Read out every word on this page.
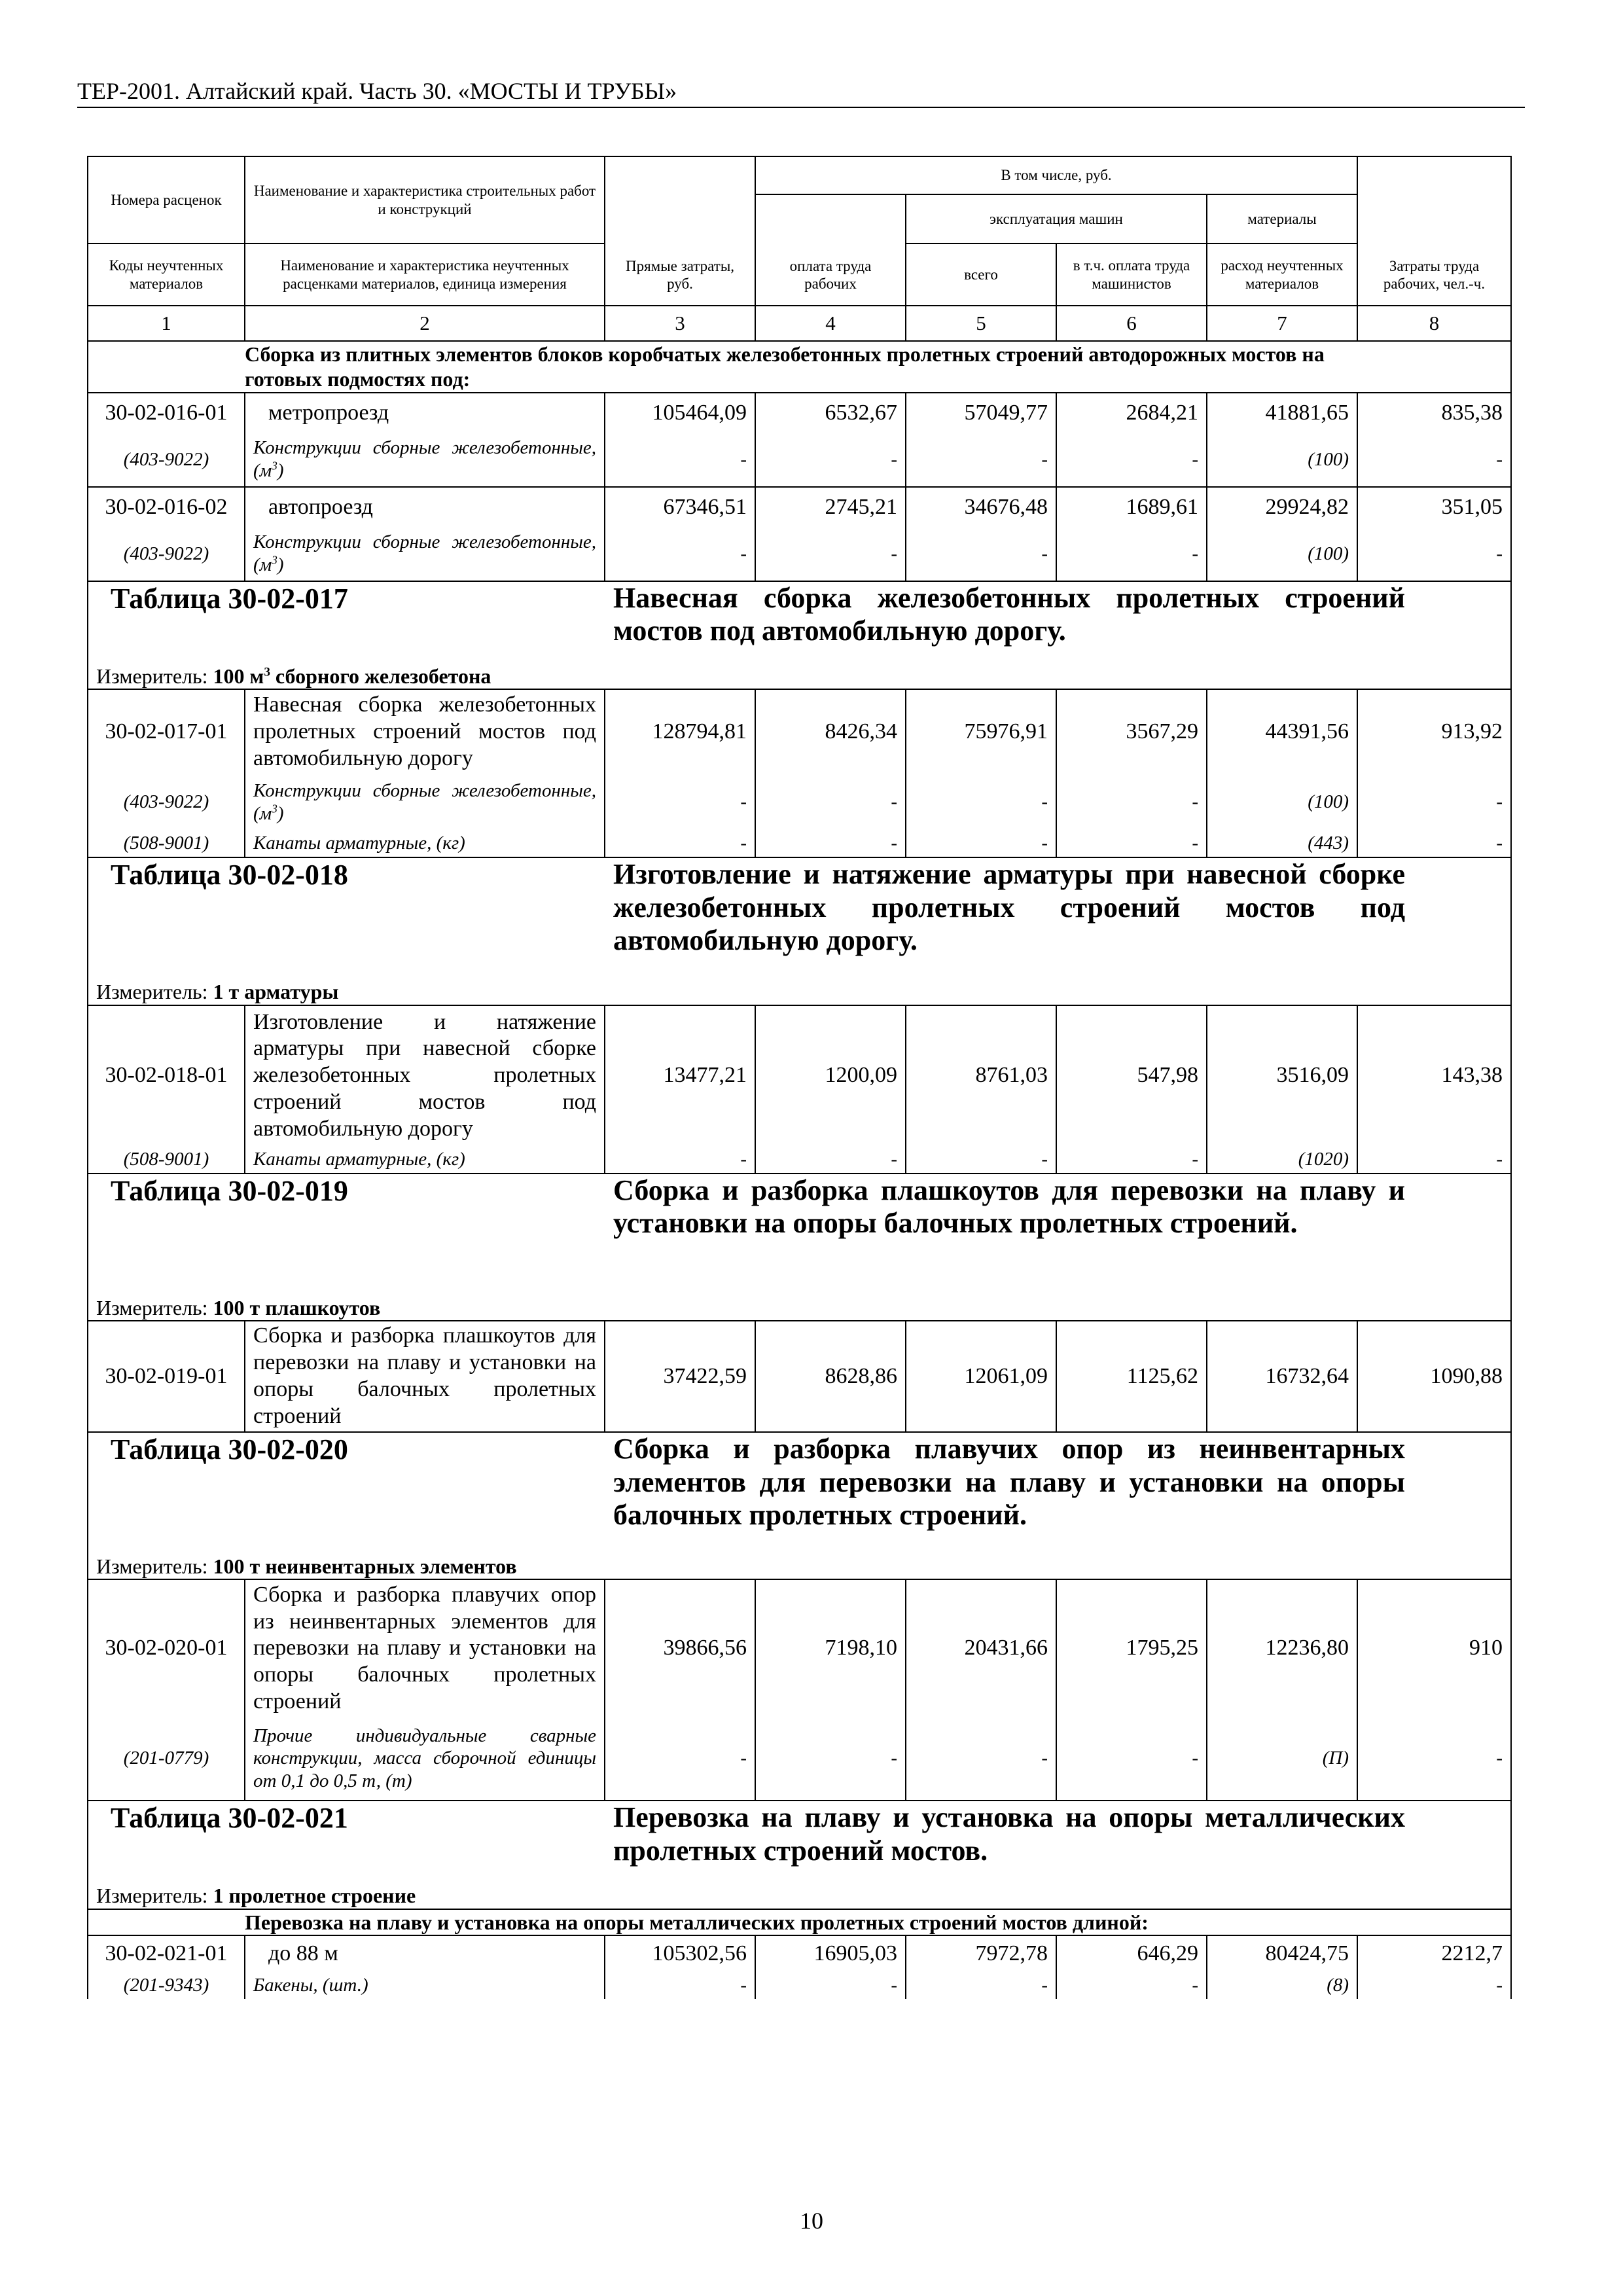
ТЕР-2001. Алтайский край. Часть 30. «МОСТЫ И ТРУБЫ»
Номера расценок	Наименование и характеристика строительных работ и конструкций	Прямые затраты, руб.	В том числе, руб.				Затраты труда рабочих, чел.-ч.
			оплата труда рабочих	эксплуатация машин		материалы	
Коды неучтенных материалов	Наименование и характеристика неучтенных расценками материалов, единица измерения			всего	в т.ч. оплата труда машинистов	расход неучтенных материалов	
1	2	3	4	5	6	7	8
	Сборка из плитных элементов блоков коробчатых железобетонных пролетных строений автодорожных мостов на готовых подмостях под:						
30-02-016-01	метропроезд	105464,09	6532,67	57049,77	2684,21	41881,65	835,38
(403-9022)	Конструкции сборные железобетонные, $(м^3)$	-	-	-	-	(100)	-
30-02-016-02	автопроезд	67346,51	2745,21	34676,48	1689,61	29924,82	351,05
(403-9022)	Конструкции сборные железобетонные, $(м^3)$	-	-	-	-	(100)	-

Таблица 30-02-017 Навесная сборка железобетонных пролетных строений мостов под автомобильную дорогу.							

Измеритель: 100 $м^3$ сборного железобетона							
30-02-017-01	Навесная сборка железобетонных пролетных строений мостов под автомобильную дорогу	128794,81	8426,34	75976,91	3567,29	44391,56	913,92
(403-9022)	Конструкции сборные железобетонные, $(м^3)$	-	-	-	-	(100)	-
(508-9001)	Канаты арматурные, (кг)	-	-	-	-	(443)	-

Таблица 30-02-018 Изготовление и натяжение арматуры при навесной сборке железобетонных пролетных строений мостов под автомобильную дорогу.							

Измеритель: 1 т арматуры							
30-02-018-01	Изготовление и натяжение арматуры при навесной сборке железобетонных пролетных строений мостов под автомобильную дорогу	13477,21	1200,09	8761,03	547,98	3516,09	143,38
(508-9001)	Канаты арматурные, (кг)	-	-	-	-	(1020)	-

Таблица 30-02-019 Сборка и разборка плашкоутов для перевозки на плаву и установки на опоры балочных пролетных строений.							

Измеритель: 100 т плашкоутов							
30-02-019-01	Сборка и разборка плашкоутов для перевозки на плаву и установки на опоры балочных пролетных строений	37422,59	8628,86	12061,09	1125,62	16732,64	1090,88

Таблица 30-02-020 Сборка и разборка плавучих опор из неинвентарных элементов для перевозки на плаву и установки на опоры балочных пролетных строений.							

Измеритель: 100 т неинвентарных элементов							
30-02-020-01	Сборка и разборка плавучих опор из неинвентарных элементов для перевозки на плаву и установки на опоры балочных пролетных строений	39866,56	7198,10	20431,66	1795,25	12236,80	910
(201-0779)	Прочие индивидуальные сварные конструкции, масса сборочной единицы от 0,1 до 0,5 т, (т)	-	-	-	-	(П)	-

Таблица 30-02-021 Перевозка на плаву и установка на опоры металлических пролетных строений мостов.							

Измеритель: 1 пролетное строение							
	Перевозка на плаву и установка на опоры металлических пролетных строений мостов длиной:						
30-02-021-01	до 88 м	105302,56	16905,03	7972,78	646,29	80424,75	2212,7
(201-9343)	Бакены, (шт.)	-	-	-	-	(8)	-
10
